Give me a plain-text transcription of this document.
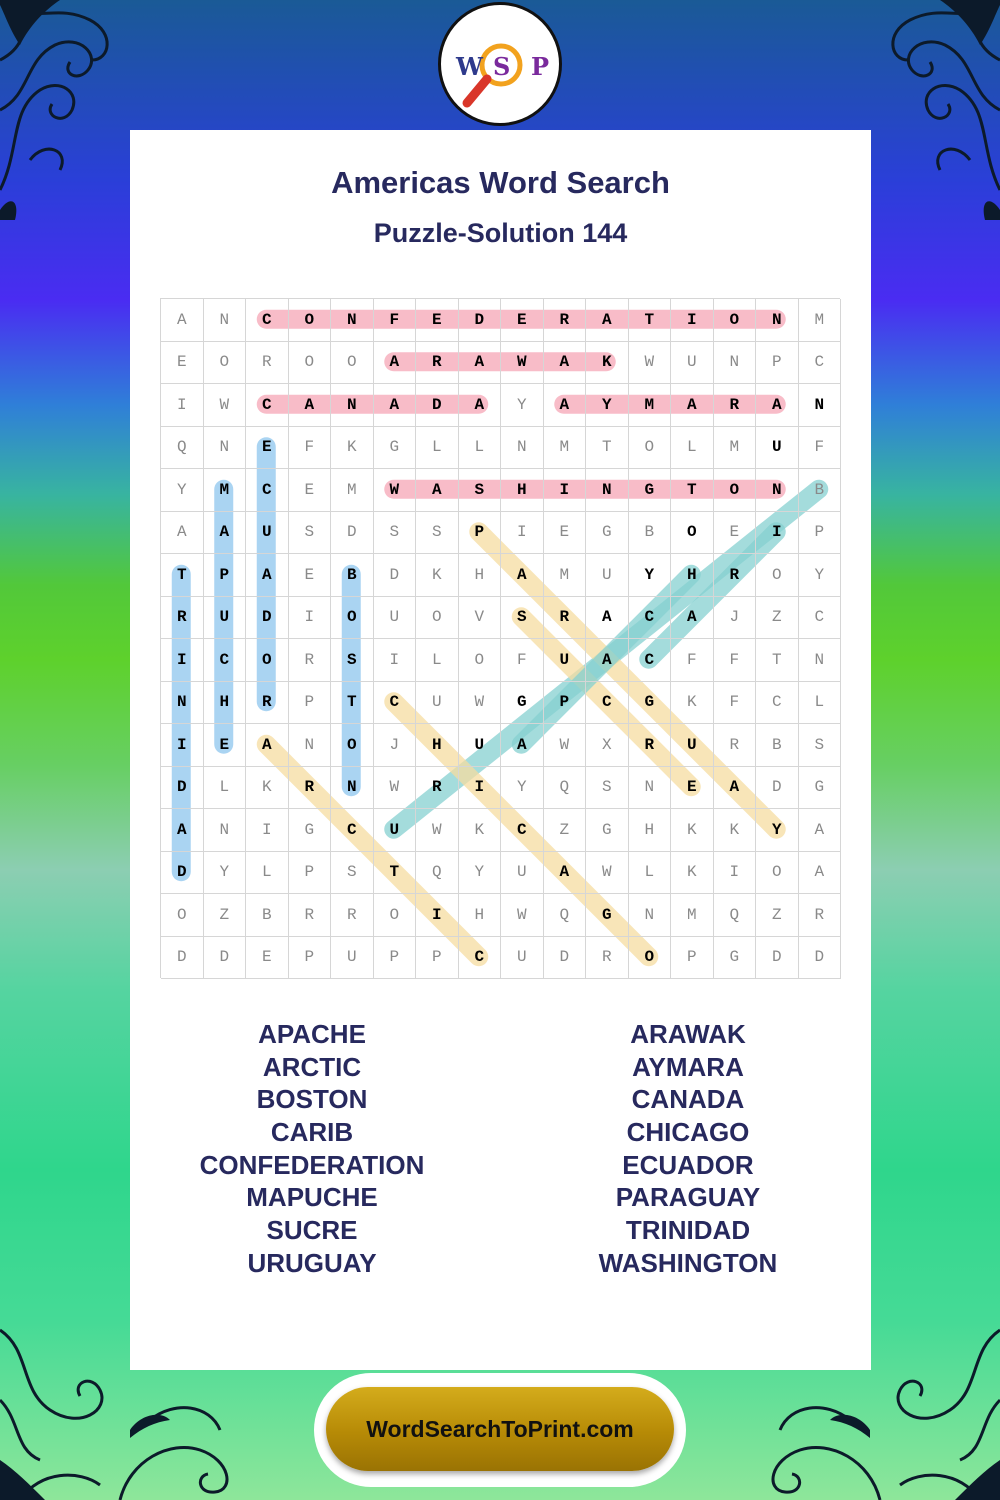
W S P
Americas Word Search
Puzzle-Solution 144
A	N	C	O	N	F	E	D	E	R	A	T	I	O	N	M
E	O	R	O	O	A	R	A	W	A	K	W	U	N	P	C
I	W	C	A	N	A	D	A	Y	A	Y	M	A	R	A	N
Q	N	E	F	K	G	L	L	N	M	T	O	L	M	U	F
Y	M	C	E	M	W	A	S	H	I	N	G	T	O	N	B
A	A	U	S	D	S	S	P	I	E	G	B	O	E	I	P
T	P	A	E	B	D	K	H	A	M	U	Y	H	R	O	Y
R	U	D	I	O	U	O	V	S	R	A	C	A	J	Z	C
I	C	O	R	S	I	L	O	F	U	A	C	F	F	T	N
N	H	R	P	T	C	U	W	G	P	C	G	K	F	C	L
I	E	A	N	O	J	H	U	A	W	X	R	U	R	B	S
D	L	K	R	N	W	R	I	Y	Q	S	N	E	A	D	G
A	N	I	G	C	U	W	K	C	Z	G	H	K	K	Y	A
D	Y	L	P	S	T	Q	Y	U	A	W	L	K	I	O	A
O	Z	B	R	R	O	I	H	W	Q	G	N	M	Q	Z	R
D	D	E	P	U	P	P	C	U	D	R	O	P	G	D	D
APACHE
ARCTIC
BOSTON
CARIB
CONFEDERATION
MAPUCHE
SUCRE
URUGUAY
ARAWAK
AYMARA
CANADA
CHICAGO
ECUADOR
PARAGUAY
TRINIDAD
WASHINGTON
WordSearchToPrint.com
